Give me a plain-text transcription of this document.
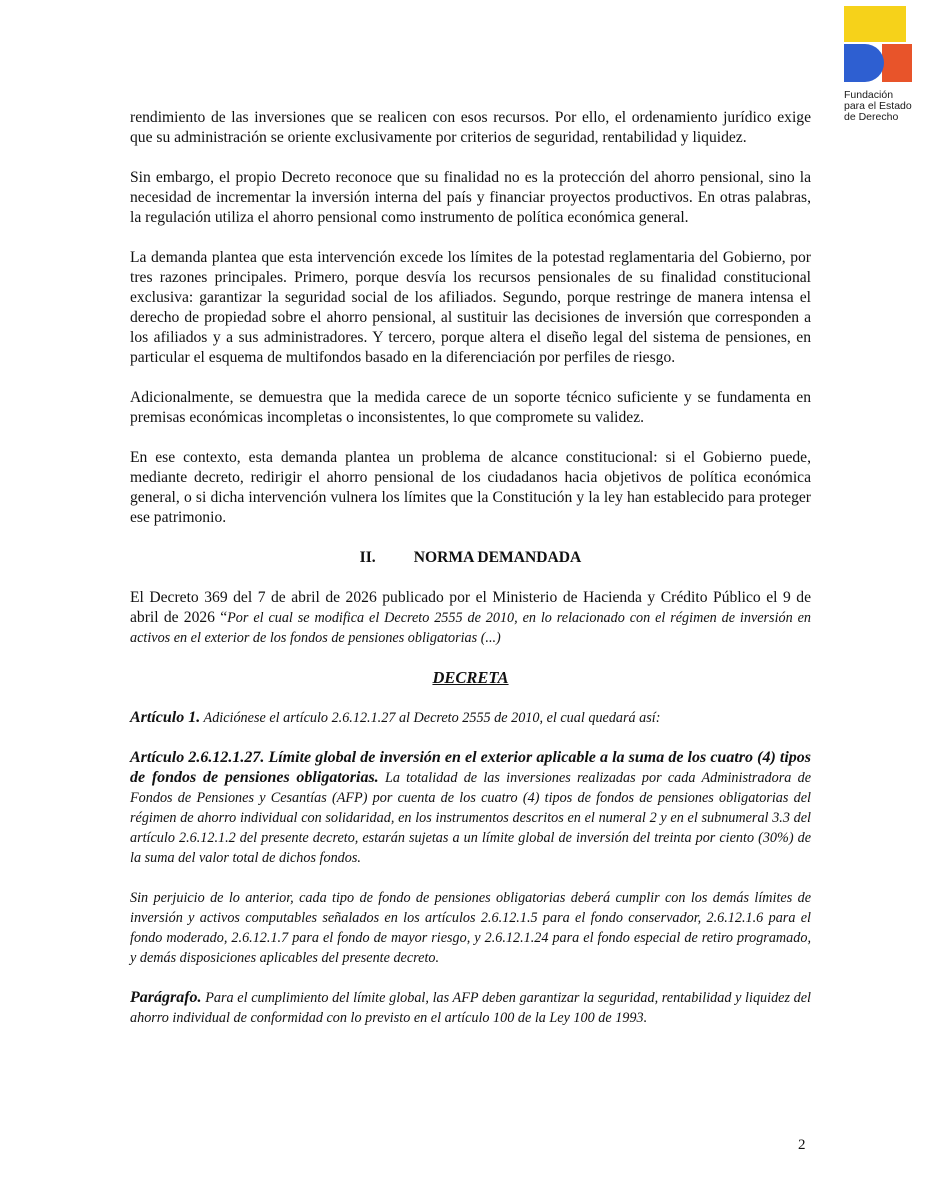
Fundación
para el Estado
de Derecho

rendimiento de las inversiones que se realicen con esos recursos. Por ello, el ordenamiento jurídico exige que su administración se oriente exclusivamente por criterios de seguridad, rentabilidad y liquidez.

Sin embargo, el propio Decreto reconoce que su finalidad no es la protección del ahorro pensional, sino la necesidad de incrementar la inversión interna del país y financiar proyectos productivos. En otras palabras, la regulación utiliza el ahorro pensional como instrumento de política económica general.

La demanda plantea que esta intervención excede los límites de la potestad reglamentaria del Gobierno, por tres razones principales. Primero, porque desvía los recursos pensionales de su finalidad constitucional exclusiva: garantizar la seguridad social de los afiliados. Segundo, porque restringe de manera intensa el derecho de propiedad sobre el ahorro pensional, al sustituir las decisiones de inversión que corresponden a los afiliados y a sus administradores. Y tercero, porque altera el diseño legal del sistema de pensiones, en particular el esquema de multifondos basado en la diferenciación por perfiles de riesgo.

Adicionalmente, se demuestra que la medida carece de un soporte técnico suficiente y se fundamenta en premisas económicas incompletas o inconsistentes, lo que compromete su validez.

En ese contexto, esta demanda plantea un problema de alcance constitucional: si el Gobierno puede, mediante decreto, redirigir el ahorro pensional de los ciudadanos hacia objetivos de política económica general, o si dicha intervención vulnera los límites que la Constitución y la ley han establecido para proteger ese patrimonio.

II. NORMA DEMANDADA

El Decreto 369 del 7 de abril de 2026 publicado por el Ministerio de Hacienda y Crédito Público el 9 de abril de 2026 “Por el cual se modifica el Decreto 2555 de 2010, en lo relacionado con el régimen de inversión en activos en el exterior de los fondos de pensiones obligatorias (...)

DECRETA

Artículo 1. Adiciónese el artículo 2.6.12.1.27 al Decreto 2555 de 2010, el cual quedará así:

Artículo 2.6.12.1.27. Límite global de inversión en el exterior aplicable a la suma de los cuatro (4) tipos de fondos de pensiones obligatorias. La totalidad de las inversiones realizadas por cada Administradora de Fondos de Pensiones y Cesantías (AFP) por cuenta de los cuatro (4) tipos de fondos de pensiones obligatorias del régimen de ahorro individual con solidaridad, en los instrumentos descritos en el numeral 2 y en el subnumeral 3.3 del artículo 2.6.12.1.2 del presente decreto, estarán sujetas a un límite global de inversión del treinta por ciento (30%) de la suma del valor total de dichos fondos.

Sin perjuicio de lo anterior, cada tipo de fondo de pensiones obligatorias deberá cumplir con los demás límites de inversión y activos computables señalados en los artículos 2.6.12.1.5 para el fondo conservador, 2.6.12.1.6 para el fondo moderado, 2.6.12.1.7 para el fondo de mayor riesgo, y 2.6.12.1.24 para el fondo especial de retiro programado, y demás disposiciones aplicables del presente decreto.

Parágrafo. Para el cumplimiento del límite global, las AFP deben garantizar la seguridad, rentabilidad y liquidez del ahorro individual de conformidad con lo previsto en el artículo 100 de la Ley 100 de 1993.

2
